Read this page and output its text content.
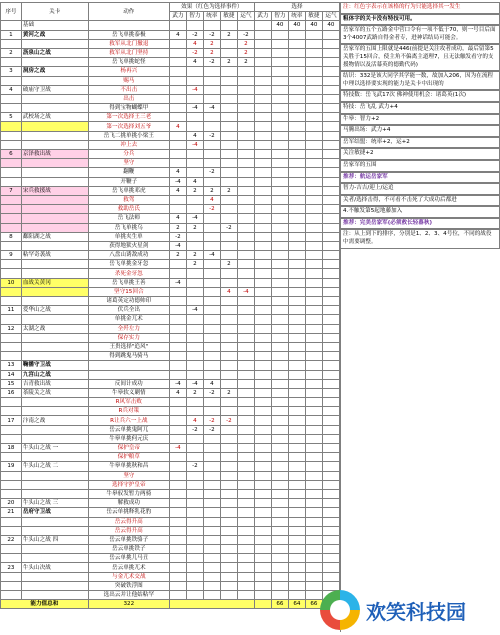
序号	关卡	动作	效果（红色为选择事件）					选择				
			武力	智力	统率	敏捷	运气	武力	智力	统率	敏捷	运气
	基础								40	40	40	40
1	黄河之战	岳飞单挑泰极	4	-2	-2	2	-2					
		救军从北门撤退		4	2		2					
2	沥泉山之战	救军从北门坚持		-2	2		2					
		岳飞单挑蛇怪		4	-2	2	2					
3	洞房之战	杨再兴										
		赐马										
4	破庙守卫战	不出击		-4								
		出击										
		得到宝物蝴蝶甲		-4	-4							
5	武校场之战	第一次选择王三老										
		第一次选择刘五爷	4									
		岳飞二挑单挑小梁王		4	-2							
		冲上去		-4								
6	京泽救出战	分兵										
		坚守										
		翻鞭	4		-2							
		开鞭子	-4	4								
7	宋兵救援战	岳飞单挑邓虎	4	2	2	2						
		救驾			4							
		救助岳氏			-2							
		岳飞法师	4	-4								
		岳飞单挑乌	2	2		-2						
8	鄱阳湖之战	单挑夹生单	-2									
		获得地狱火星剑	-4									
9	粘罕奇袭战	八盘山诱敌成功	2	2	-4							
		岳飞单挑金牙忽		2		2						
		杀死金牙忽										
10	血战关黄冈	岳飞单挑王善	-4									
		坚守15回合				4	-4					
		诸葛英定功德帅印										
11	爱华山之战	伏兵全出		-4								
		单挑金兀术										
12	太湖之战	全歼左力										
		保存实力										
		王贵选择"追风"										
		得到跳鬼马骑马										
13	鞠播守卫战											
14	九宫山之战											
15	吉青救出战	反间计成功	-4	-4	4							
16	茶陵关之战	牛皋软义剿情	4	2	-2	2						
		R风军击败										
		R兵对策										
17	汴南之战	R让兵六一上战		4	-2	-2						
		岳云单挑鬼阿兀		-2	-2							
		牛皋单挑何元庆										
18	牛头山之战 一	保护皇帝	-4									
		保护粮草										
19	牛头山之战 二	牛皋单挑秋和昌		-2								
		坚守										
		选择守护皇帝										
		牛皋驭发暂力两骑										
20	牛头山之战 三	解救成功										
21	岳府守卫战	岳云单挑释乳花豹										
		岳云得升高										
		岳云得升高										
22	牛头山之战 四	岳云单挑铁骆子										
		岳云单挑铁子										
		岳云单挑儿马丑										
23	牛头山决战	岳云单挑兀术										
		与金兀术交战										
		突破铁浮图										
		选出云并让他姑粘罕										
能力值总和		322							66	64	66	
注：红色字表示在该格的行为只能选择其一发生
粗体字的关卡没有特技可用。
岳家军的五个五路金中营口令有一项不低于70，则一号目后面3个4007武路自得金者专，进神话结局可能会。
岳家军的五围上限就是446(前提是关注攻者成功，最后留第5关胜于15回合，使主角不偏离主道理7，且无法触发看守的支援物情以及活幕英的德勤代码)
结识：332是该大同学其学能一数，故加入206，因为在流程中理以选择要实现的能力是关卡中出现的
特技数：岳飞武17次 佛神使用机会：诸葛英(1次)
特技：岳飞乱 武力+4
牛皋：智力+2
马腾出场：武力+4
岳军结盟：统率+2，运+2
关注敏捷+2
岳家军的五围
推荐：航运岳家军
智力-吉吉/迎上/运追
关者/选择击得，不可看不击死了大成功后都进
4.不触发第5起地藤加入
推荐：完美岳家军(必须救长轻暮秋)
注：从上到下的排序，分别是1、2、3、4号位，不同的战役中需要调整。
欢笑科技园
